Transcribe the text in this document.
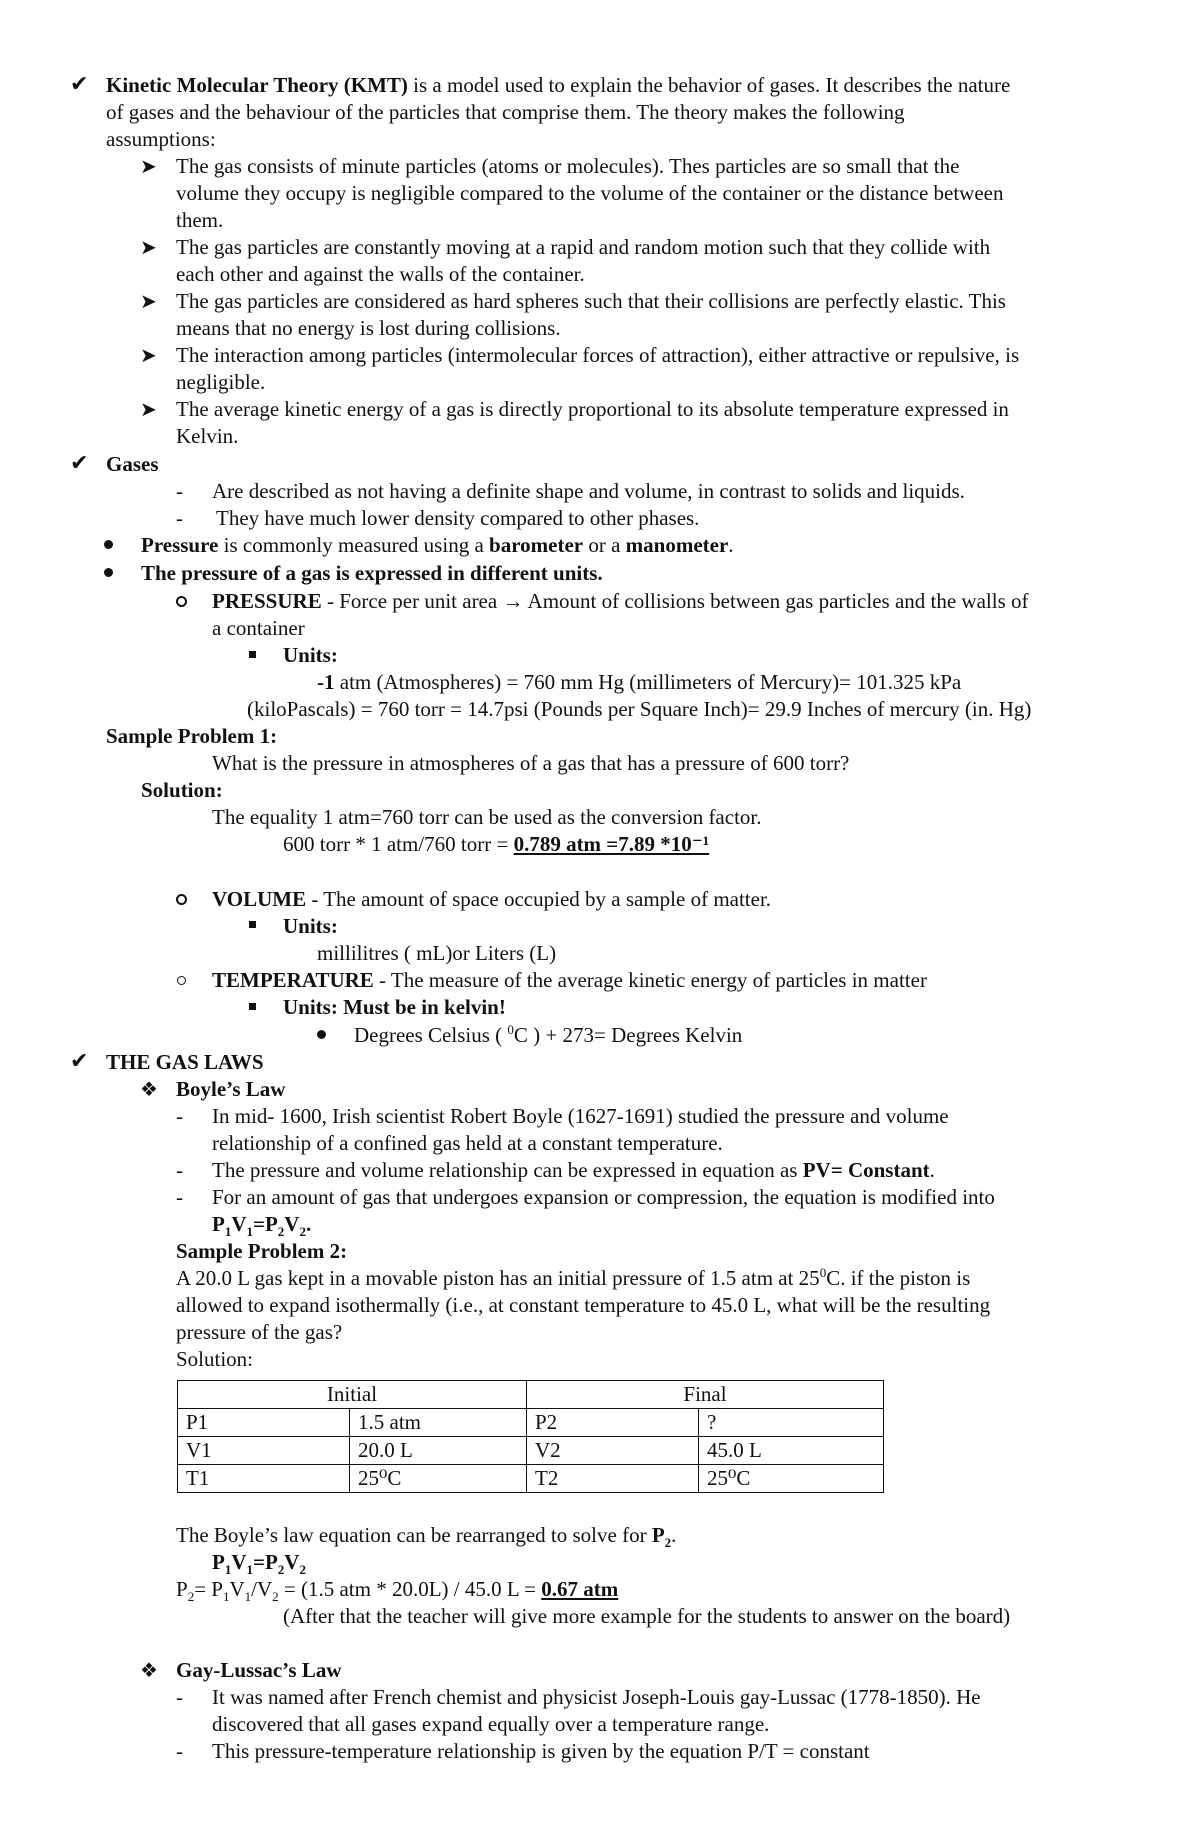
✔ Kinetic Molecular Theory (KMT) is a model used to explain the behavior of gases. It describes the nature
of gases and the behaviour of the particles that comprise them. The theory makes the following
assumptions:
➤ The gas consists of minute particles (atoms or molecules). Thes particles are so small that the
volume they occupy is negligible compared to the volume of the container or the distance between
them.
➤ The gas particles are constantly moving at a rapid and random motion such that they collide with
each other and against the walls of the container.
➤ The gas particles are considered as hard spheres such that their collisions are perfectly elastic. This
means that no energy is lost during collisions.
➤ The interaction among particles (intermolecular forces of attraction), either attractive or repulsive, is
negligible.
➤ The average kinetic energy of a gas is directly proportional to its absolute temperature expressed in
Kelvin.
✔ Gases
- Are described as not having a definite shape and volume, in contrast to solids and liquids.
- They have much lower density compared to other phases.
Pressure is commonly measured using a barometer or a manometer.
The pressure of a gas is expressed in different units.
PRESSURE - Force per unit area → Amount of collisions between gas particles and the walls of
a container
Units:
-1 atm (Atmospheres) = 760 mm Hg (millimeters of Mercury)= 101.325 kPa
(kiloPascals) = 760 torr = 14.7psi (Pounds per Square Inch)= 29.9 Inches of mercury (in. Hg)
Sample Problem 1:
What is the pressure in atmospheres of a gas that has a pressure of 600 torr?
Solution:
The equality 1 atm=760 torr can be used as the conversion factor.
600 torr * 1 atm/760 torr = 0.789 atm =7.89 *10⁻¹
VOLUME - The amount of space occupied by a sample of matter.
Units:
millilitres ( mL)or Liters (L)
TEMPERATURE - The measure of the average kinetic energy of particles in matter
Units: Must be in kelvin!
Degrees Celsius ( $^0$C ) + 273= Degrees Kelvin
✔ THE GAS LAWS
❖ Boyle’s Law
- In mid- 1600, Irish scientist Robert Boyle (1627-1691) studied the pressure and volume
relationship of a confined gas held at a constant temperature.
- The pressure and volume relationship can be expressed in equation as PV= Constant.
- For an amount of gas that undergoes expansion or compression, the equation is modified into
$P_1V_1=P_2V_2$.
Sample Problem 2:
A 20.0 L gas kept in a movable piston has an initial pressure of 1.5 atm at $25^0C$. if the piston is
allowed to expand isothermally (i.e., at constant temperature to 45.0 L, what will be the resulting
pressure of the gas?
Solution:
Initial		Final	
P1	1.5 atm	P2	?
V1	20.0 L	V2	45.0 L
T1	25⁰C	T2	25⁰C
The Boyle’s law equation can be rearranged to solve for $P_2$.
$P_1V_1=P_2V_2$
$P_2= P_1V_1/V_2 = (1.5$ atm * 20.0L) / 45.0 L = 0.67 atm
(After that the teacher will give more example for the students to answer on the board)
❖ Gay-Lussac’s Law
- It was named after French chemist and physicist Joseph-Louis gay-Lussac (1778-1850). He
discovered that all gases expand equally over a temperature range.
- This pressure-temperature relationship is given by the equation P/T = constant
